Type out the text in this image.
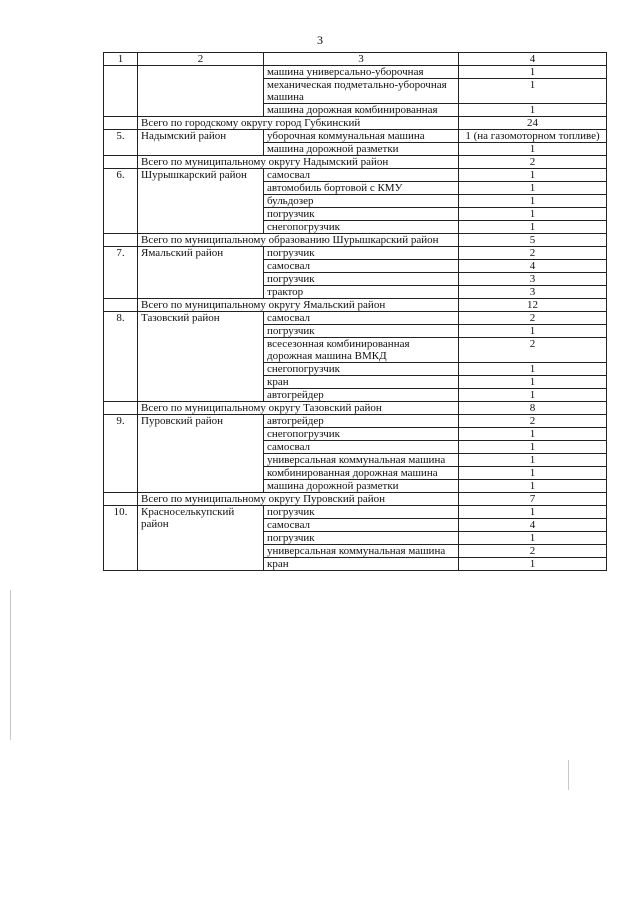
3
1	2	3	4
		машина универсально-уборочная	1
		механическая подметально-уборочная машина	1
		машина дорожная комбинированная	1
	Всего по городскому округу город Губкинский		24
5.	Надымский район	уборочная коммунальная машина	1 (на газомоторном топливе)
		машина дорожной разметки	1
	Всего по муниципальному округу Надымский район		2
6.	Шурышкарский район	самосвал	1
		автомобиль бортовой с КМУ	1
		бульдозер	1
		погрузчик	1
		снегопогрузчик	1
	Всего по муниципальному образованию Шурышкарский район		5
7.	Ямальский район	погрузчик	2
		самосвал	4
		погрузчик	3
		трактор	3
	Всего по муниципальному округу Ямальский район		12
8.	Тазовский район	самосвал	2
		погрузчик	1
		всесезонная комбинированная дорожная машина ВМКД	2
		снегопогрузчик	1
		кран	1
		автогрейдер	1
	Всего по муниципальному округу Тазовский район		8
9.	Пуровский район	автогрейдер	2
		снегопогрузчик	1
		самосвал	1
		универсальная коммунальная машина	1
		комбинированная дорожная машина	1
		машина дорожной разметки	1
	Всего по муниципальному округу Пуровский район		7
10.	Красноселькупский район	погрузчик	1
		самосвал	4
		погрузчик	1
		универсальная коммунальная машина	2
		кран	1
